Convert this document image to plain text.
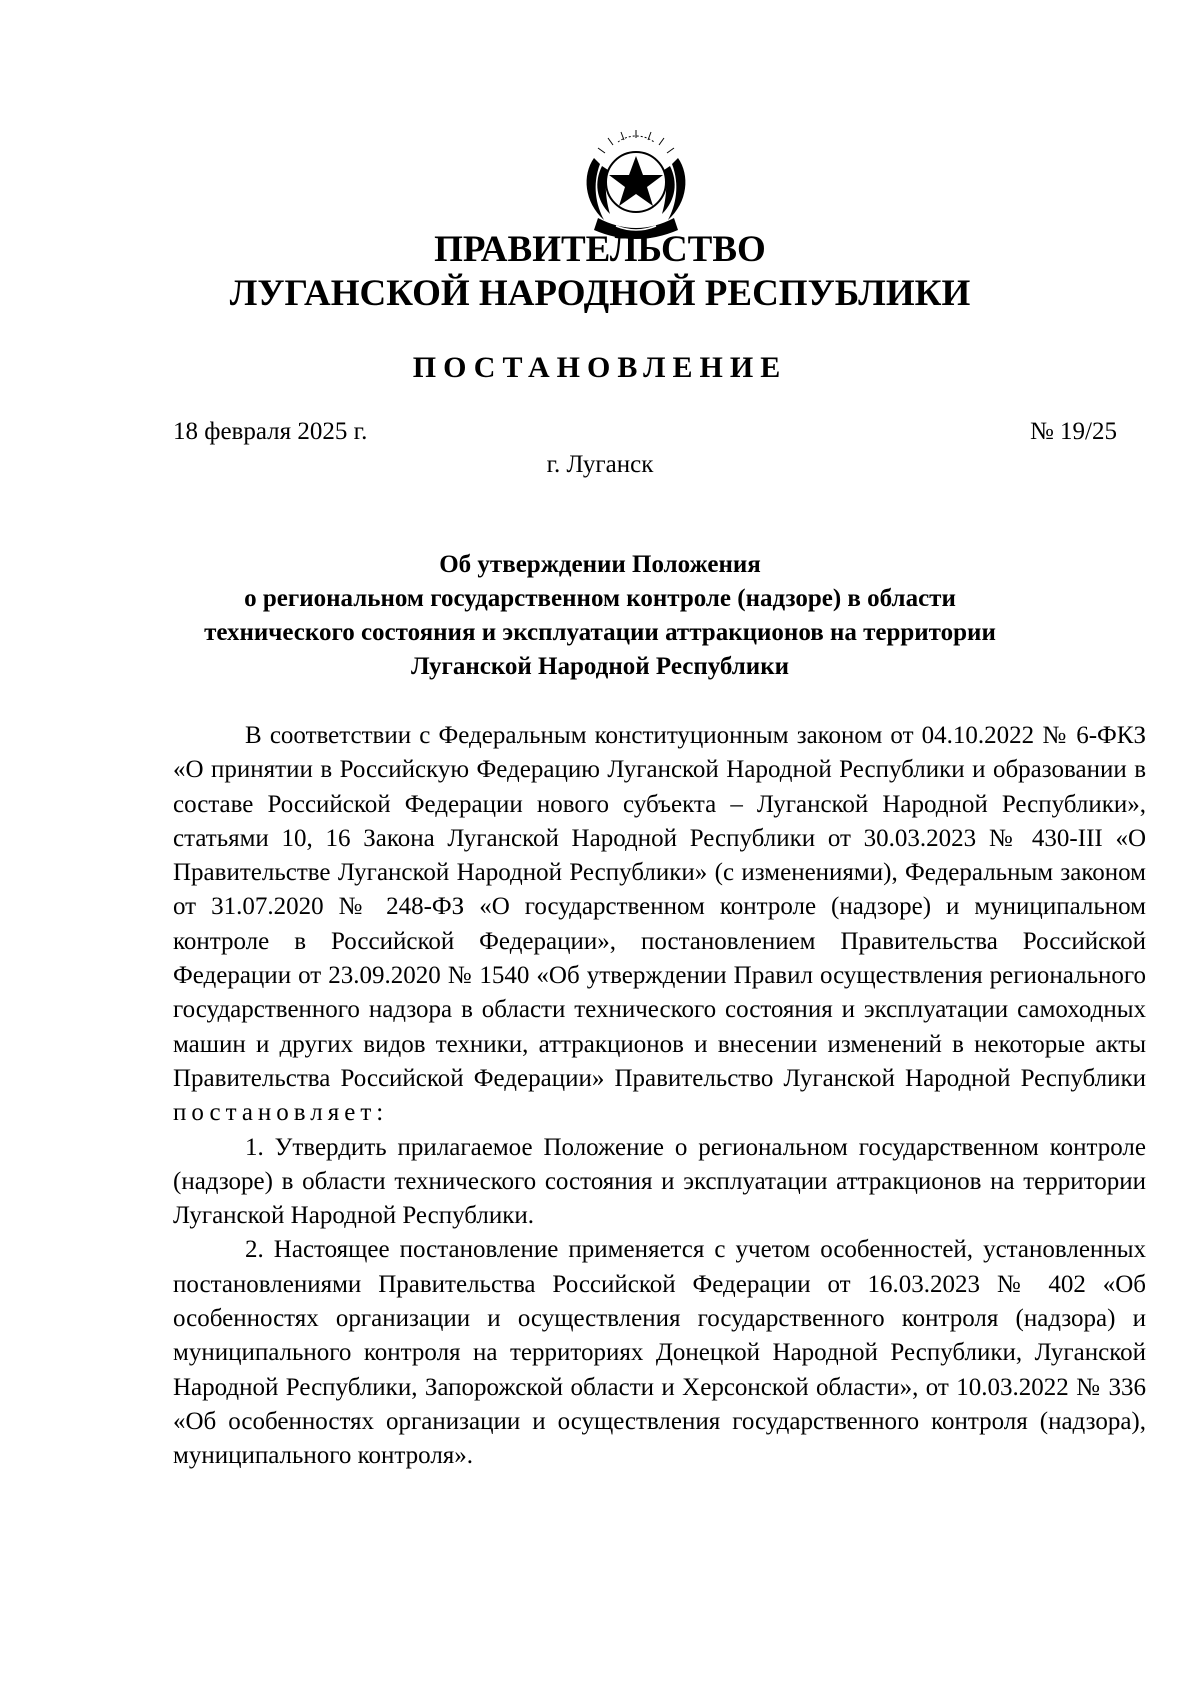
ПРАВИТЕЛЬСТВО
ЛУГАНСКОЙ НАРОДНОЙ РЕСПУБЛИКИ
ПОСТАНОВЛЕНИЕ
18 февраля 2025 г.	№ 19/25
г. Луганск
Об утверждении Положения
о региональном государственном контроле (надзоре) в области
технического состояния и эксплуатации аттракционов на территории
Луганской Народной Республики

В соответствии с Федеральным конституционным законом от 04.10.2022 № 6-ФКЗ «О принятии в Российскую Федерацию Луганской Народной Республики и образовании в составе Российской Федерации нового субъекта – Луганской Народной Республики», статьями 10, 16 Закона Луганской Народной Республики от 30.03.2023 № 430-III «О Правительстве Луганской Народной Республики» (с изменениями), Федеральным законом от 31.07.2020 № 248-ФЗ «О государственном контроле (надзоре) и муниципальном контроле в Российской Федерации», постановлением Правительства Российской Федерации от 23.09.2020 № 1540 «Об утверждении Правил осуществления регионального государственного надзора в области технического состояния и эксплуатации самоходных машин и других видов техники, аттракционов и внесении изменений в некоторые акты Правительства Российской Федерации» Правительство Луганской Народной Республики постановляет:

1. Утвердить прилагаемое Положение о региональном государственном контроле (надзоре) в области технического состояния и эксплуатации аттракционов на территории Луганской Народной Республики.

2. Настоящее постановление применяется с учетом особенностей, установленных постановлениями Правительства Российской Федерации от 16.03.2023 № 402 «Об особенностях организации и осуществления государственного контроля (надзора) и муниципального контроля на территориях Донецкой Народной Республики, Луганской Народной Республики, Запорожской области и Херсонской области», от 10.03.2022 № 336 «Об особенностях организации и осуществления государственного контроля (надзора), муниципального контроля».
